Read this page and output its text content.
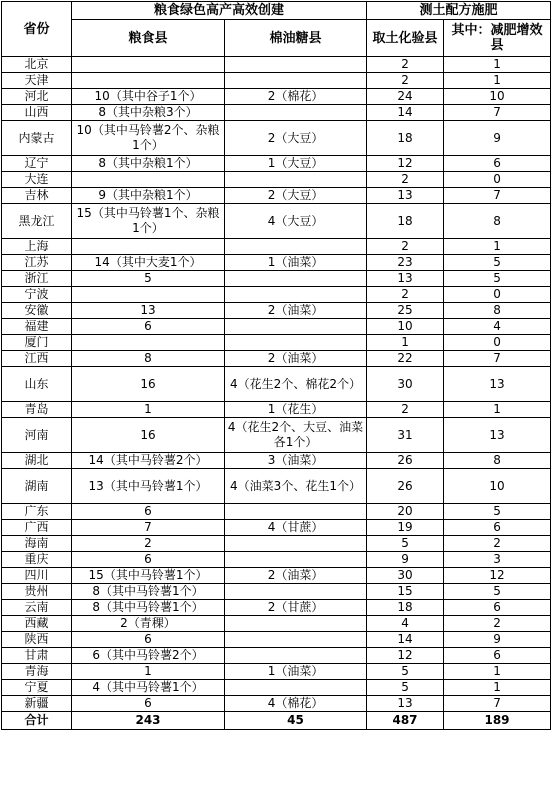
省份	粮食绿色高产高效创建		测土配方施肥	
	粮食县	棉油糖县	取土化验县	其中：减肥增效县
北京			2	1
天津			2	1
河北	10（其中谷子1个）	2（棉花）	24	10
山西	8（其中杂粮3个）		14	7
内蒙古	10（其中马铃薯2个、杂粮1个）	2（大豆）	18	9
辽宁	8（其中杂粮1个）	1（大豆）	12	6
大连			2	0
吉林	9（其中杂粮1个）	2（大豆）	13	7
黑龙江	15（其中马铃薯1个、杂粮1个）	4（大豆）	18	8
上海			2	1
江苏	14（其中大麦1个）	1（油菜）	23	5
浙江	5		13	5
宁波			2	0
安徽	13	2（油菜）	25	8
福建	6		10	4
厦门			1	0
江西	8	2（油菜）	22	7
山东	16	4（花生2个、棉花2个）	30	13
青岛	1	1（花生）	2	1
河南	16	4（花生2个、大豆、油菜各1个）	31	13
湖北	14（其中马铃薯2个）	3（油菜）	26	8
湖南	13（其中马铃薯1个）	4（油菜3个、花生1个）	26	10
广东	6		20	5
广西	7	4（甘蔗）	19	6
海南	2		5	2
重庆	6		9	3
四川	15（其中马铃薯1个）	2（油菜）	30	12
贵州	8（其中马铃薯1个）		15	5
云南	8（其中马铃薯1个）	2（甘蔗）	18	6
西藏	2（青稞）		4	2
陕西	6		14	9
甘肃	6（其中马铃薯2个）		12	6
青海	1	1（油菜）	5	1
宁夏	4（其中马铃薯1个）		5	1
新疆	6	4（棉花）	13	7
合计	243	45	487	189
